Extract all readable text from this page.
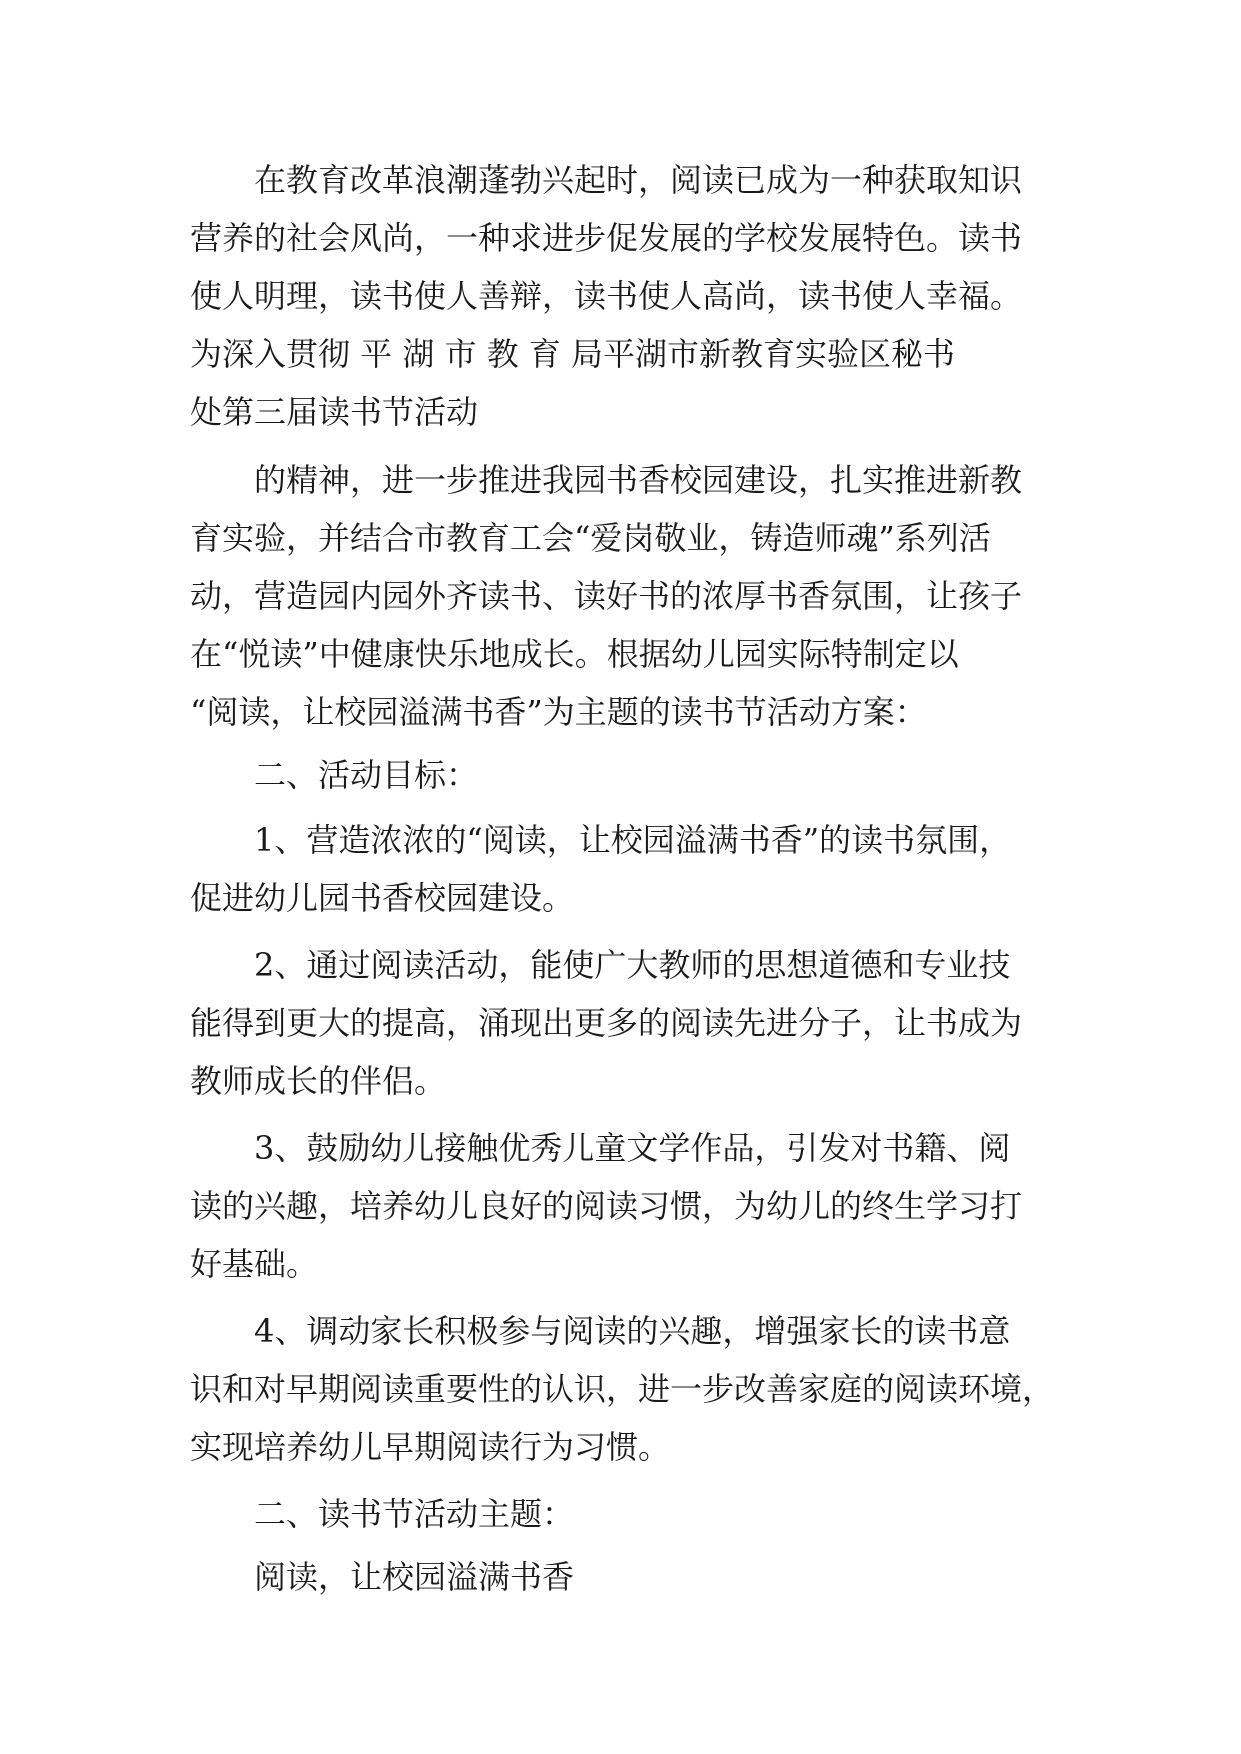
在教育改革浪潮蓬勃兴起时，阅读已成为一种获取知识
营养的社会风尚，一种求进步促发展的学校发展特色。读书
使人明理，读书使人善辩，读书使人高尚，读书使人幸福。
为深入贯彻 平 湖 市 教 育 局平湖市新教育实验区秘书
处第三届读书节活动
的精神，进一步推进我园书香校园建设，扎实推进新教
育实验，并结合市教育工会“爱岗敬业，铸造师魂”系列活
动，营造园内园外齐读书、读好书的浓厚书香氛围，让孩子
在“悦读”中健康快乐地成长。根据幼儿园实际特制定以
“阅读，让校园溢满书香”为主题的读书节活动方案：
二、活动目标：
1、营造浓浓的“阅读，让校园溢满书香”的读书氛围，
促进幼儿园书香校园建设。
2、通过阅读活动，能使广大教师的思想道德和专业技
能得到更大的提高，涌现出更多的阅读先进分子，让书成为
教师成长的伴侣。
3、鼓励幼儿接触优秀儿童文学作品，引发对书籍、阅
读的兴趣，培养幼儿良好的阅读习惯，为幼儿的终生学习打
好基础。
4、调动家长积极参与阅读的兴趣，增强家长的读书意
识和对早期阅读重要性的认识，进一步改善家庭的阅读环境，
实现培养幼儿早期阅读行为习惯。
二、读书节活动主题：
阅读，让校园溢满书香
